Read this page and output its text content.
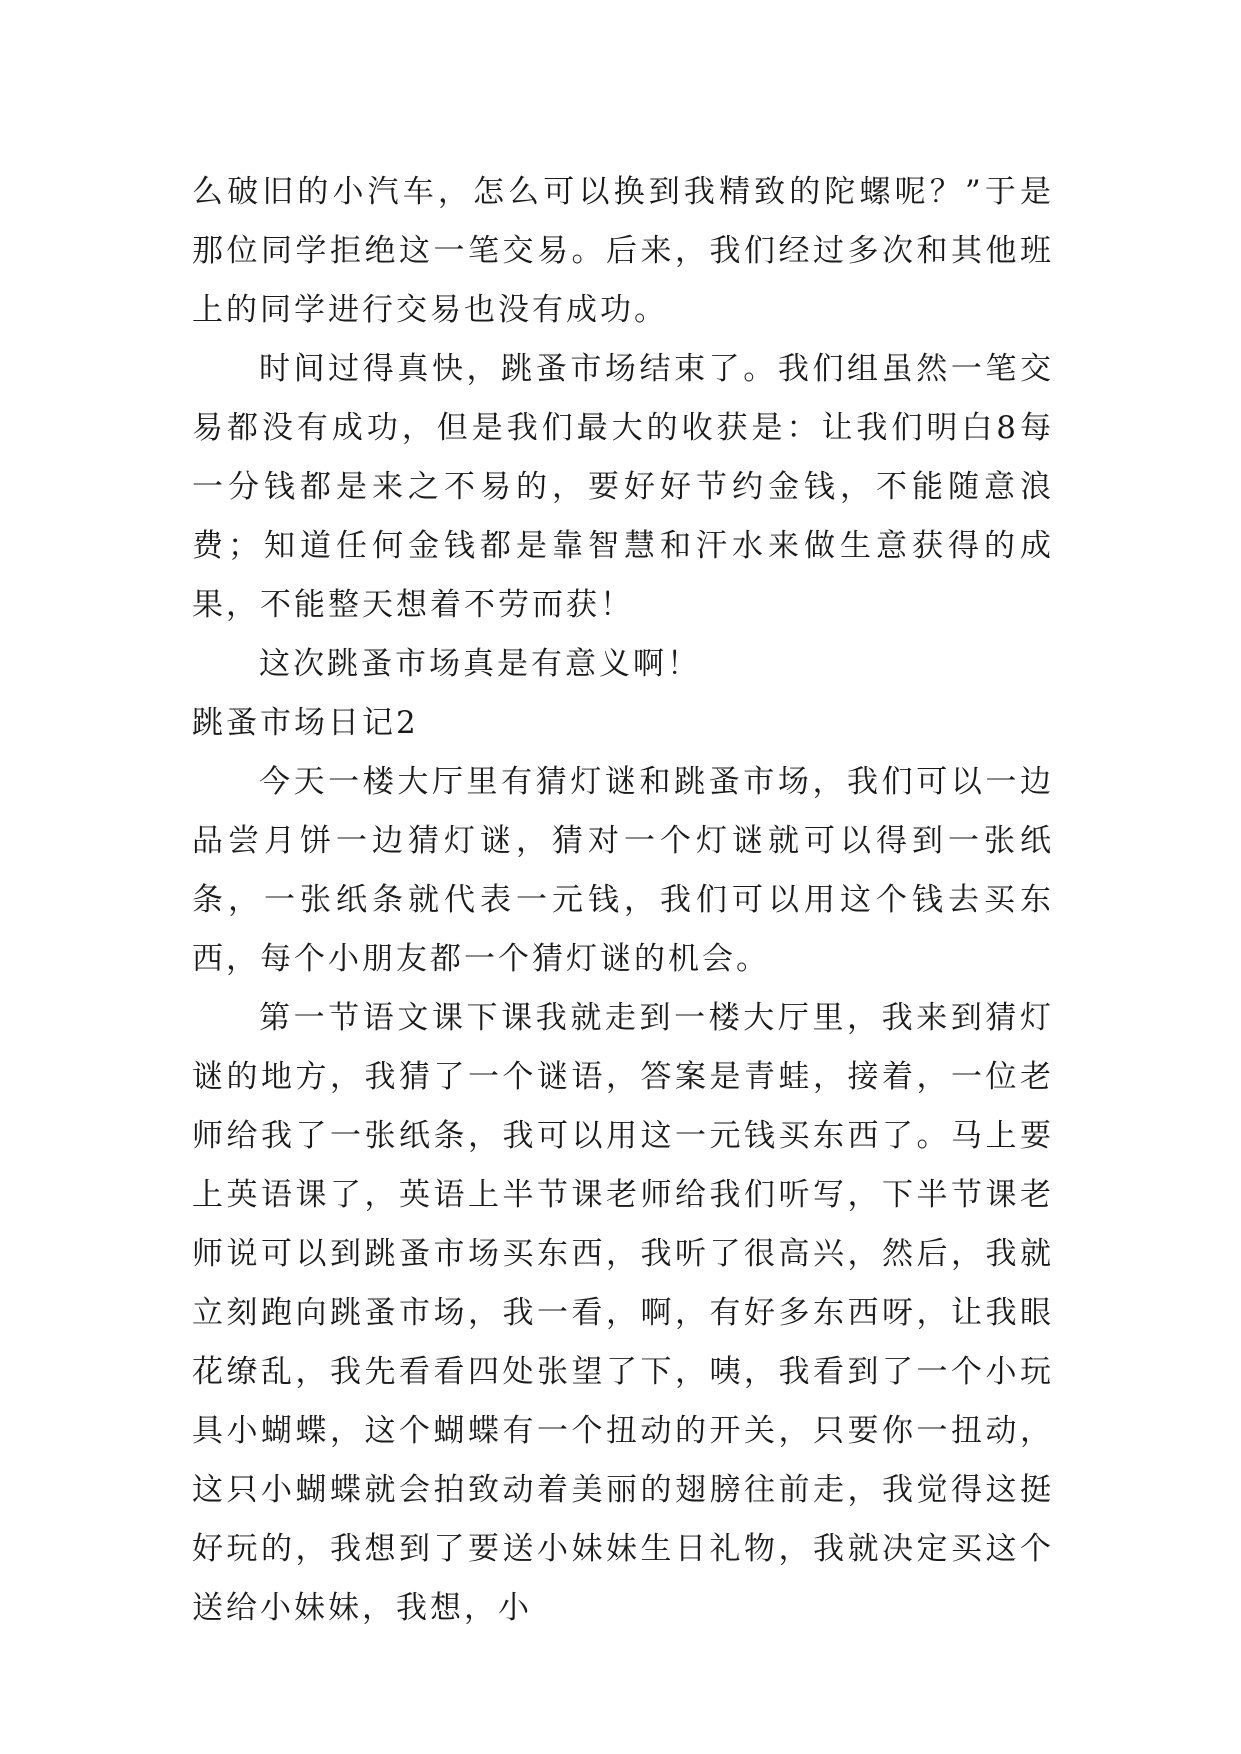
么破旧的小汽车，怎么可以换到我精致的陀螺呢？”于是那位同学拒绝这一笔交易。后来，我们经过多次和其他班上的同学进行交易也没有成功。

时间过得真快，跳蚤市场结束了。我们组虽然一笔交易都没有成功，但是我们最大的收获是：让我们明白8每一分钱都是来之不易的，要好好节约金钱，不能随意浪费；知道任何金钱都是靠智慧和汗水来做生意获得的成果，不能整天想着不劳而获！

这次跳蚤市场真是有意义啊！

跳蚤市场日记2

今天一楼大厅里有猜灯谜和跳蚤市场，我们可以一边品尝月饼一边猜灯谜，猜对一个灯谜就可以得到一张纸条，一张纸条就代表一元钱，我们可以用这个钱去买东西，每个小朋友都一个猜灯谜的机会。

第一节语文课下课我就走到一楼大厅里，我来到猜灯谜的地方，我猜了一个谜语，答案是青蛙，接着，一位老师给我了一张纸条，我可以用这一元钱买东西了。马上要上英语课了，英语上半节课老师给我们听写，下半节课老师说可以到跳蚤市场买东西，我听了很高兴，然后，我就立刻跑向跳蚤市场，我一看，啊，有好多东西呀，让我眼花缭乱，我先看看四处张望了下，咦，我看到了一个小玩具小蝴蝶，这个蝴蝶有一个扭动的开关，只要你一扭动，这只小蝴蝶就会拍致动着美丽的翅膀往前走，我觉得这挺好玩的，我想到了要送小妹妹生日礼物，我就决定买这个送给小妹妹，我想，小
